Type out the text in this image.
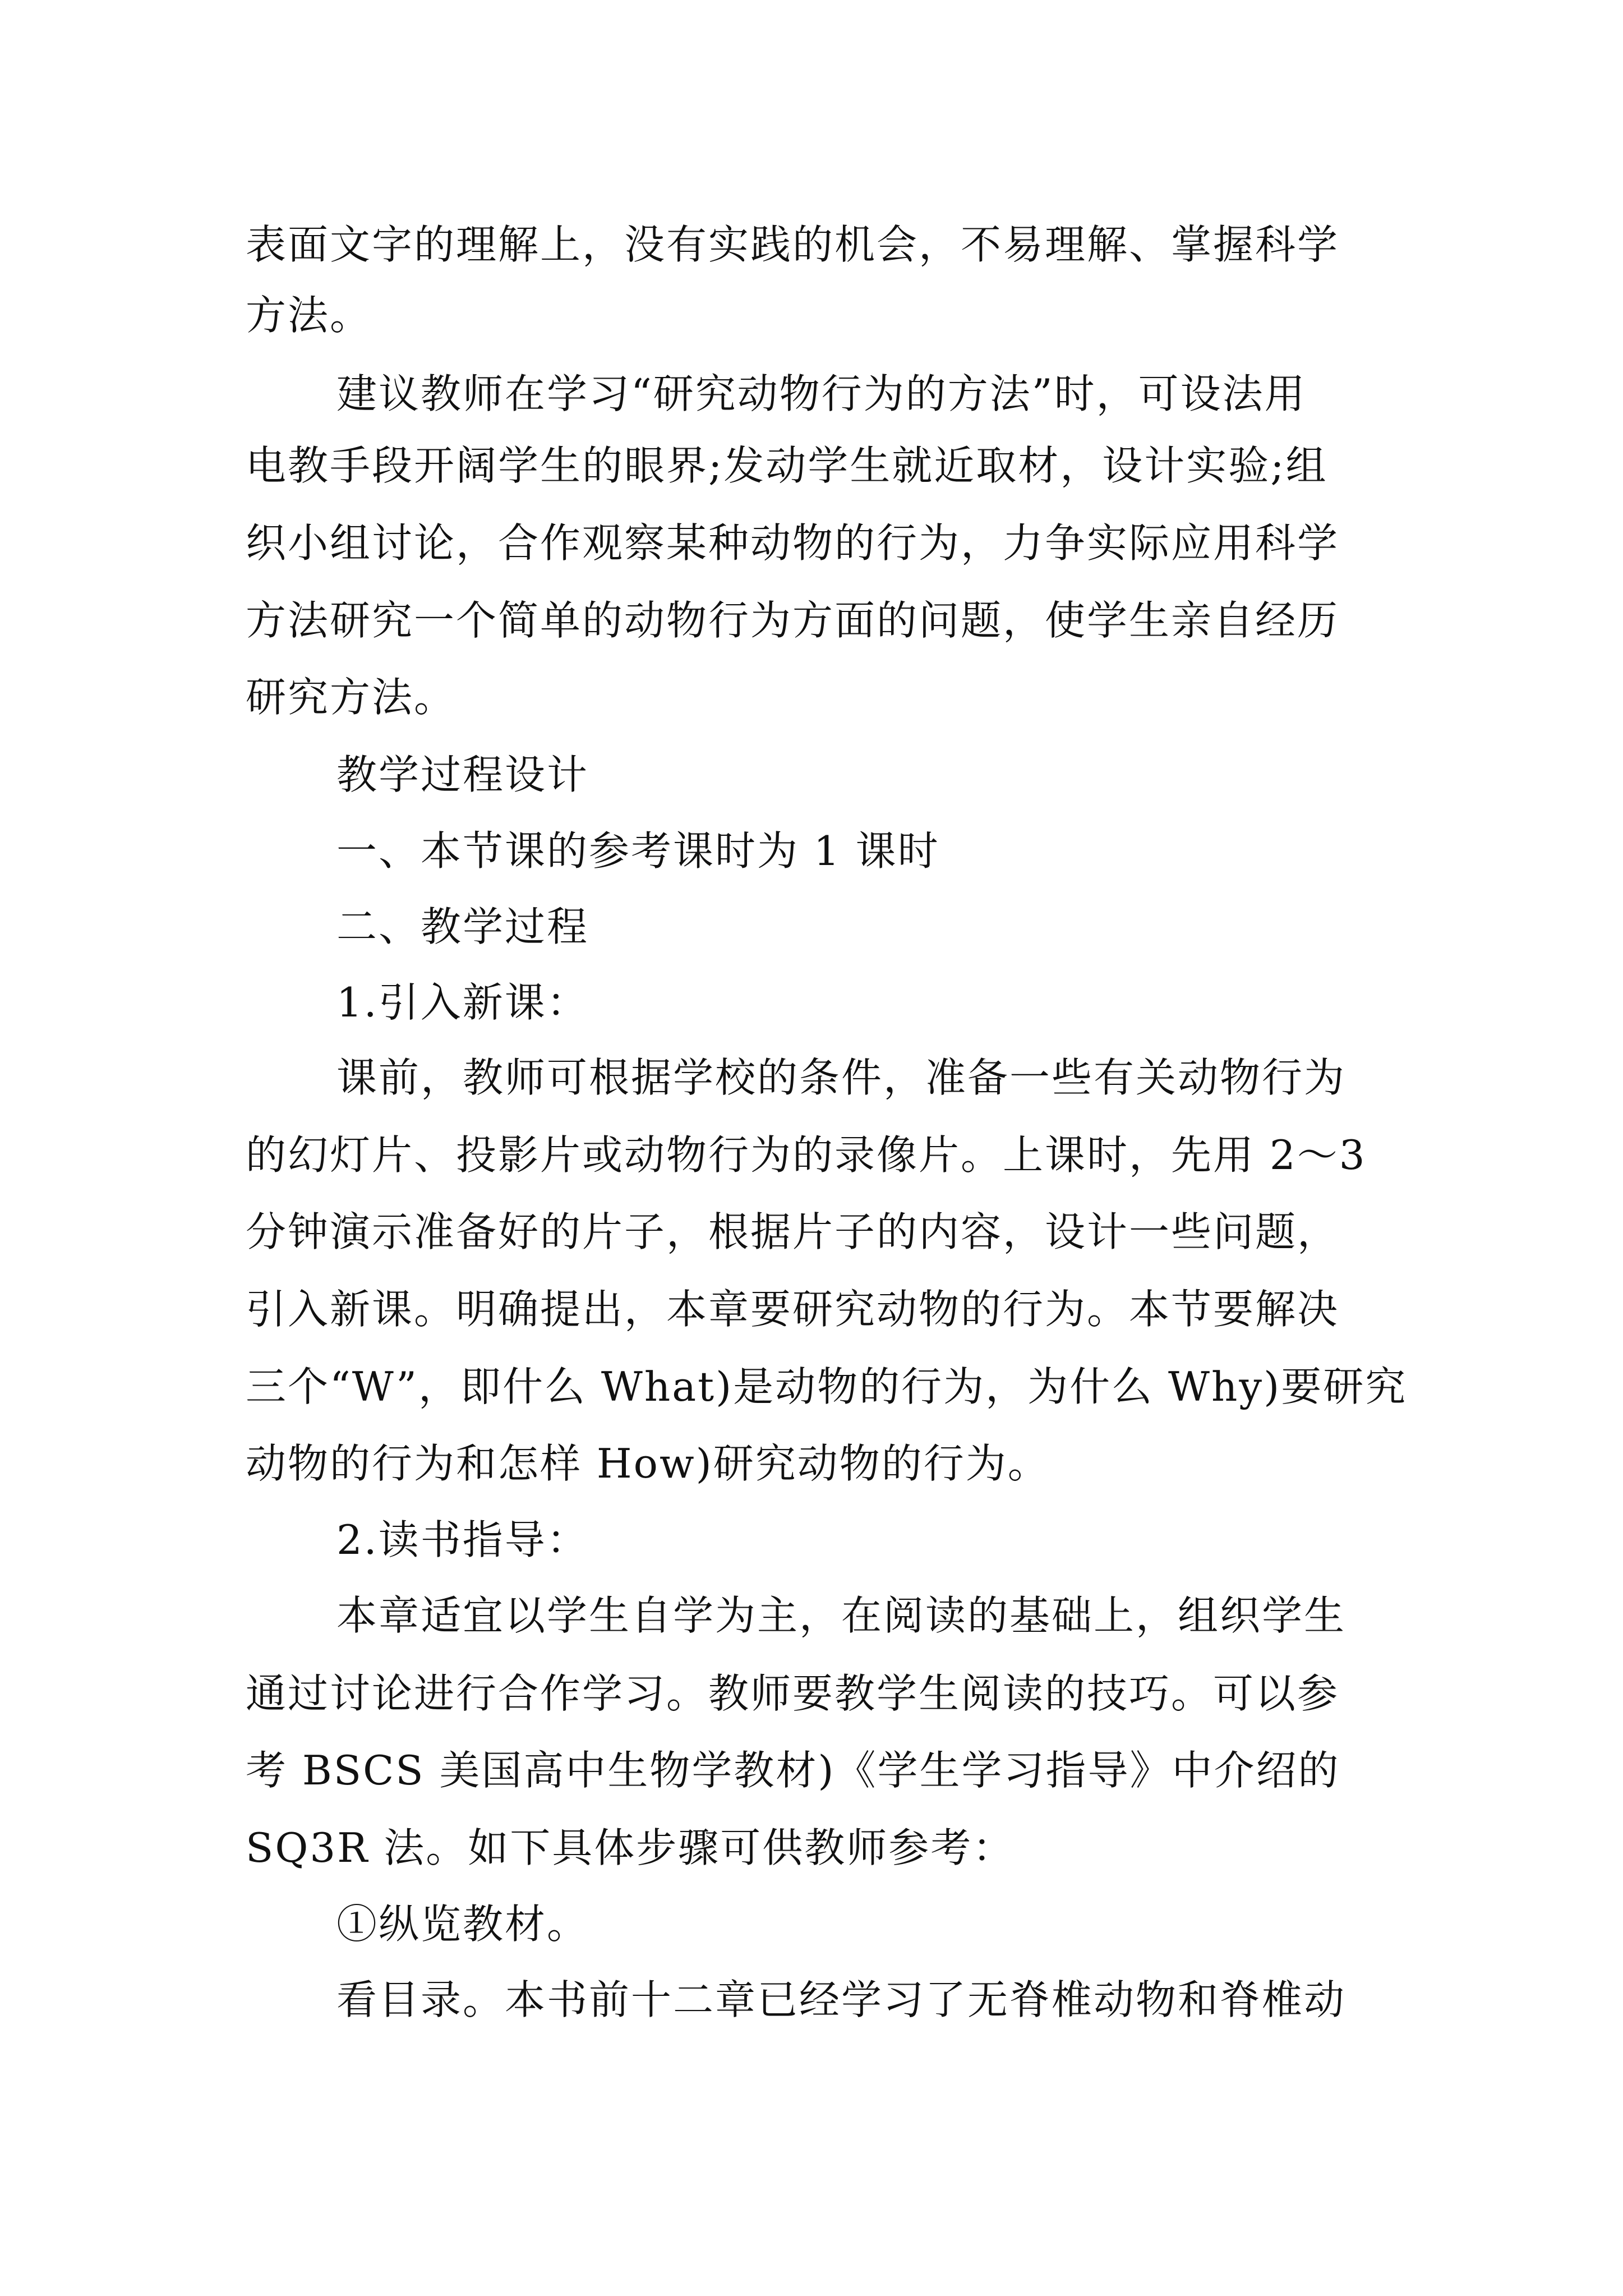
表面文字的理解上，没有实践的机会，不易理解、掌握科学
方法。
建议教师在学习“研究动物行为的方法”时，可设法用
电教手段开阔学生的眼界;发动学生就近取材，设计实验;组
织小组讨论，合作观察某种动物的行为，力争实际应用科学
方法研究一个简单的动物行为方面的问题，使学生亲自经历
研究方法。
教学过程设计
一、本节课的参考课时为 1 课时
二、教学过程
1.引入新课：
课前，教师可根据学校的条件，准备一些有关动物行为
的幻灯片、投影片或动物行为的录像片。上课时，先用 2～3
分钟演示准备好的片子，根据片子的内容，设计一些问题，
引入新课。明确提出，本章要研究动物的行为。本节要解决
三个“W”，即什么 What)是动物的行为，为什么 Why)要研究
动物的行为和怎样 How)研究动物的行为。
2.读书指导：
本章适宜以学生自学为主，在阅读的基础上，组织学生
通过讨论进行合作学习。教师要教学生阅读的技巧。可以参
考 BSCS 美国高中生物学教材)《学生学习指导》中介绍的
SQ3R 法。如下具体步骤可供教师参考：
①纵览教材。
看目录。本书前十二章已经学习了无脊椎动物和脊椎动
